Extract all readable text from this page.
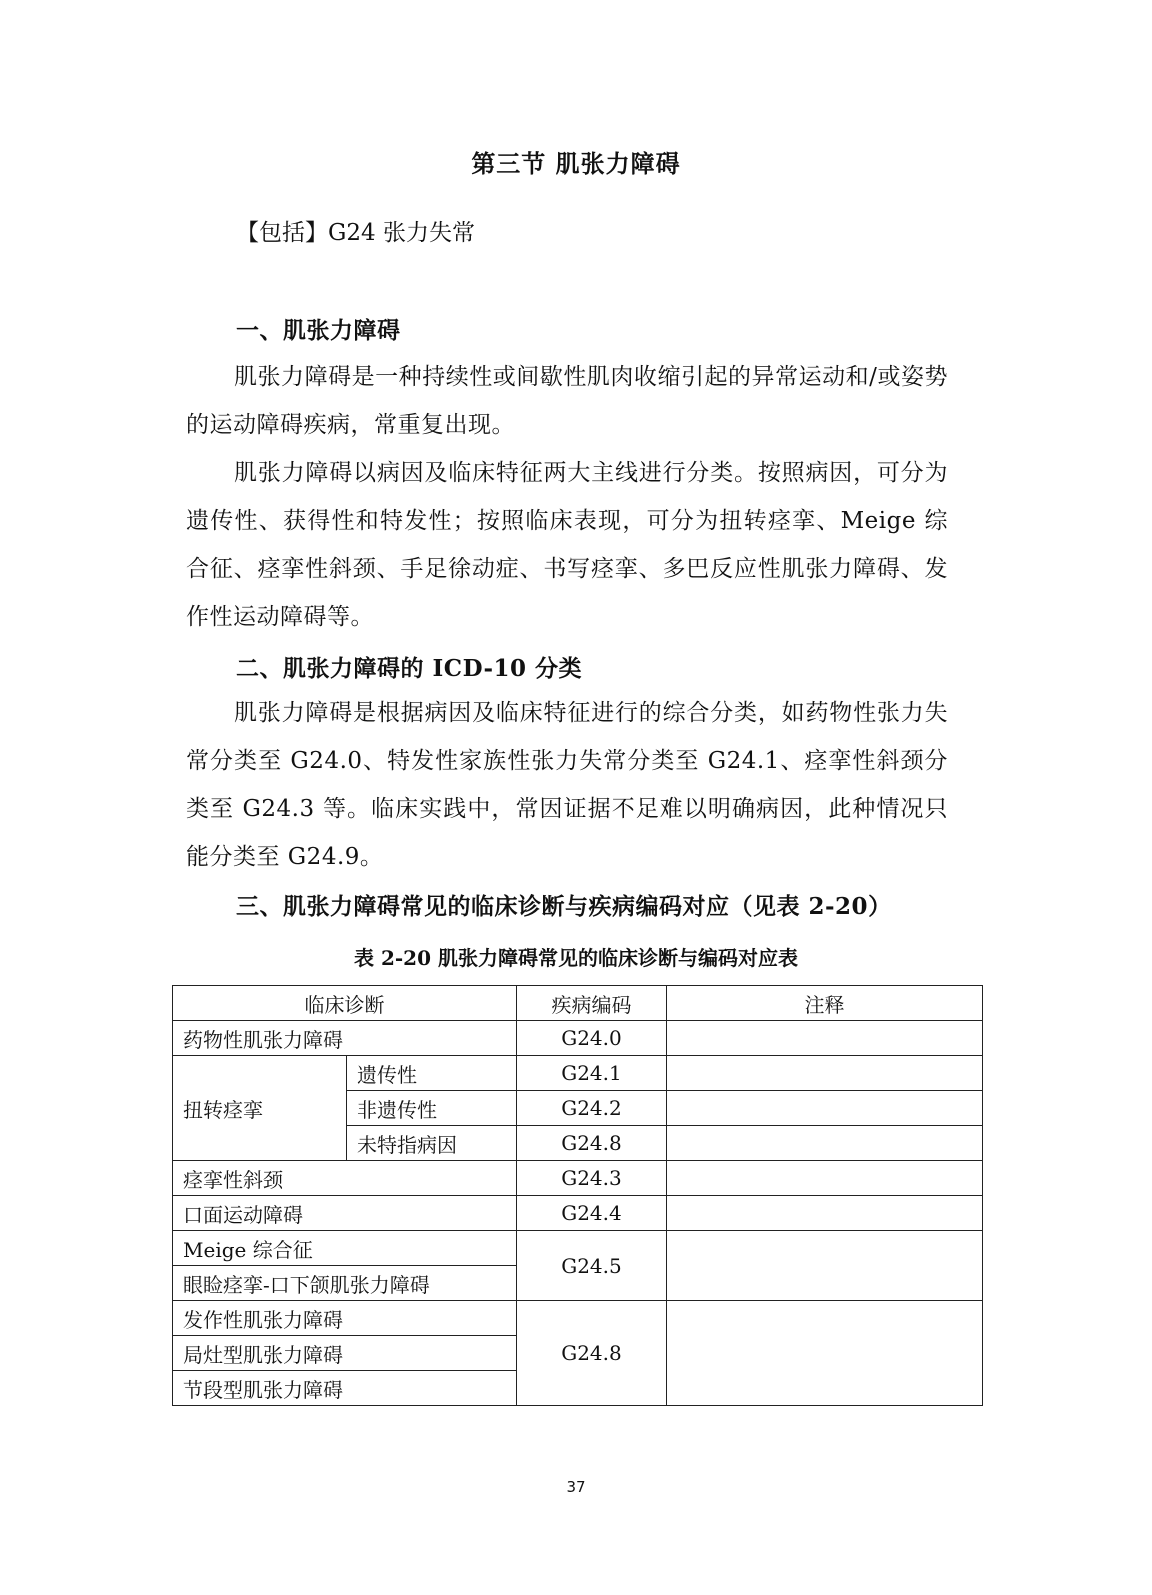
第三节 肌张力障碍
【包括】G24 张力失常
一、肌张力障碍
肌张力障碍是一种持续性或间歇性肌肉收缩引起的异常运动和/或姿势的运动障碍疾病，常重复出现。
肌张力障碍以病因及临床特征两大主线进行分类。按照病因，可分为遗传性、获得性和特发性；按照临床表现，可分为扭转痉挛、Meige 综合征、痉挛性斜颈、手足徐动症、书写痉挛、多巴反应性肌张力障碍、发作性运动障碍等。
二、肌张力障碍的 ICD-10 分类
肌张力障碍是根据病因及临床特征进行的综合分类，如药物性张力失常分类至 G24.0、特发性家族性张力失常分类至 G24.1、痉挛性斜颈分类至 G24.3 等。临床实践中，常因证据不足难以明确病因，此种情况只能分类至 G24.9。
三、肌张力障碍常见的临床诊断与疾病编码对应（见表 2-20）
表 2-20 肌张力障碍常见的临床诊断与编码对应表
临床诊断		疾病编码	注释
药物性肌张力障碍		G24.0	
扭转痉挛	遗传性	G24.1	
	非遗传性	G24.2	
	未特指病因	G24.8	
痉挛性斜颈		G24.3	
口面运动障碍		G24.4	
Meige 综合征		G24.5	
眼睑痉挛-口下颌肌张力障碍			
发作性肌张力障碍		G24.8	
局灶型肌张力障碍			
节段型肌张力障碍			
37
